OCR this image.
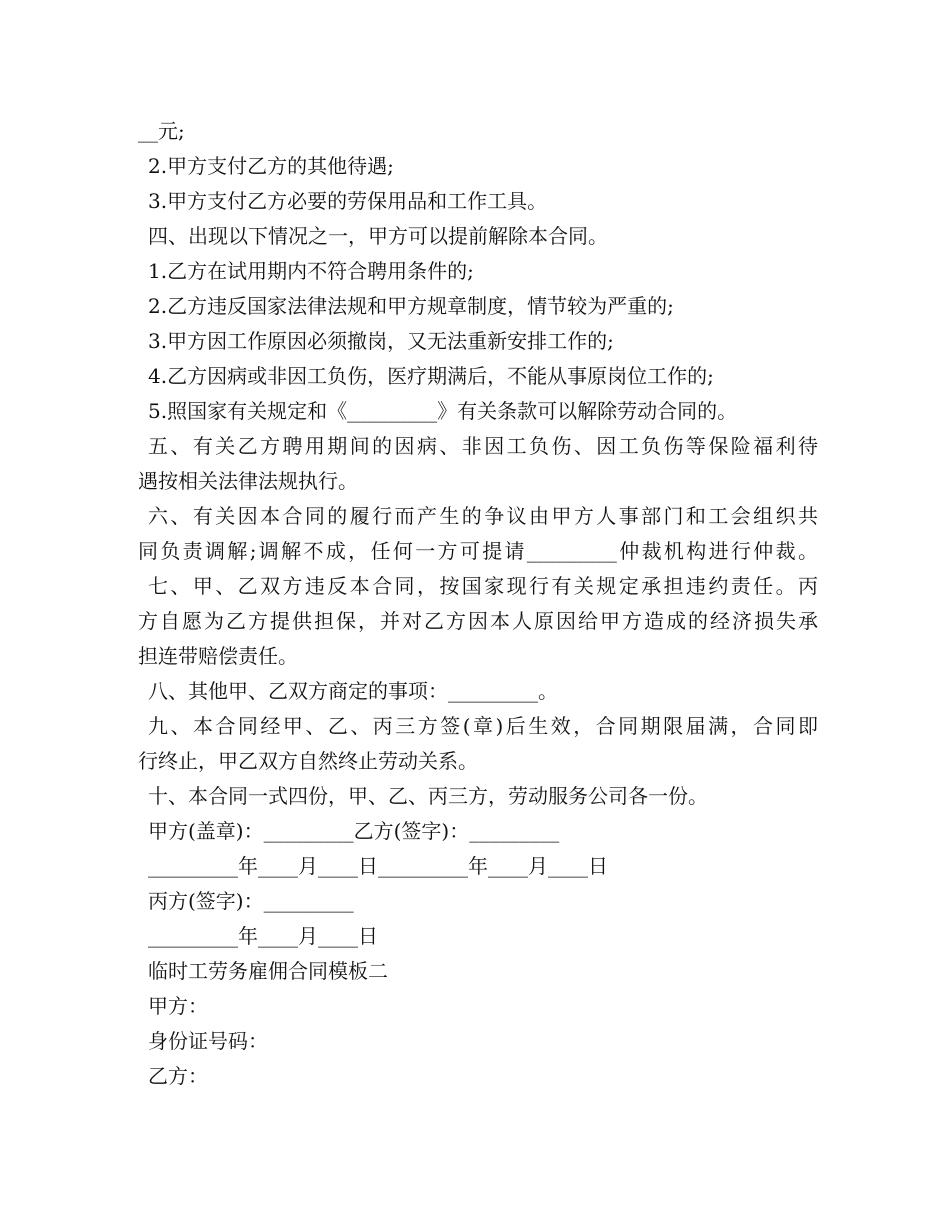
__元;
2.甲方支付乙方的其他待遇;
3.甲方支付乙方必要的劳保用品和工作工具。
四、出现以下情况之一，甲方可以提前解除本合同。
1.乙方在试用期内不符合聘用条件的;
2.乙方违反国家法律法规和甲方规章制度，情节较为严重的;
3.甲方因工作原因必须撤岗，又无法重新安排工作的;
4.乙方因病或非因工负伤，医疗期满后，不能从事原岗位工作的;
5.照国家有关规定和《_________》有关条款可以解除劳动合同的。
五、有关乙方聘用期间的因病、非因工负伤、因工负伤等保险福利待
遇按相关法律法规执行。
六、有关因本合同的履行而产生的争议由甲方人事部门和工会组织共
同负责调解;调解不成，任何一方可提请_________仲裁机构进行仲裁。
七、甲、乙双方违反本合同，按国家现行有关规定承担违约责任。丙
方自愿为乙方提供担保，并对乙方因本人原因给甲方造成的经济损失承
担连带赔偿责任。
八、其他甲、乙双方商定的事项：_________。
九、本合同经甲、乙、丙三方签(章)后生效，合同期限届满，合同即
行终止，甲乙双方自然终止劳动关系。
十、本合同一式四份，甲、乙、丙三方，劳动服务公司各一份。
甲方(盖章)：_________乙方(签字)：_________
_________年____月____日_________年____月____日
丙方(签字)：_________
_________年____月____日
临时工劳务雇佣合同模板二
甲方：
身份证号码：
乙方：
